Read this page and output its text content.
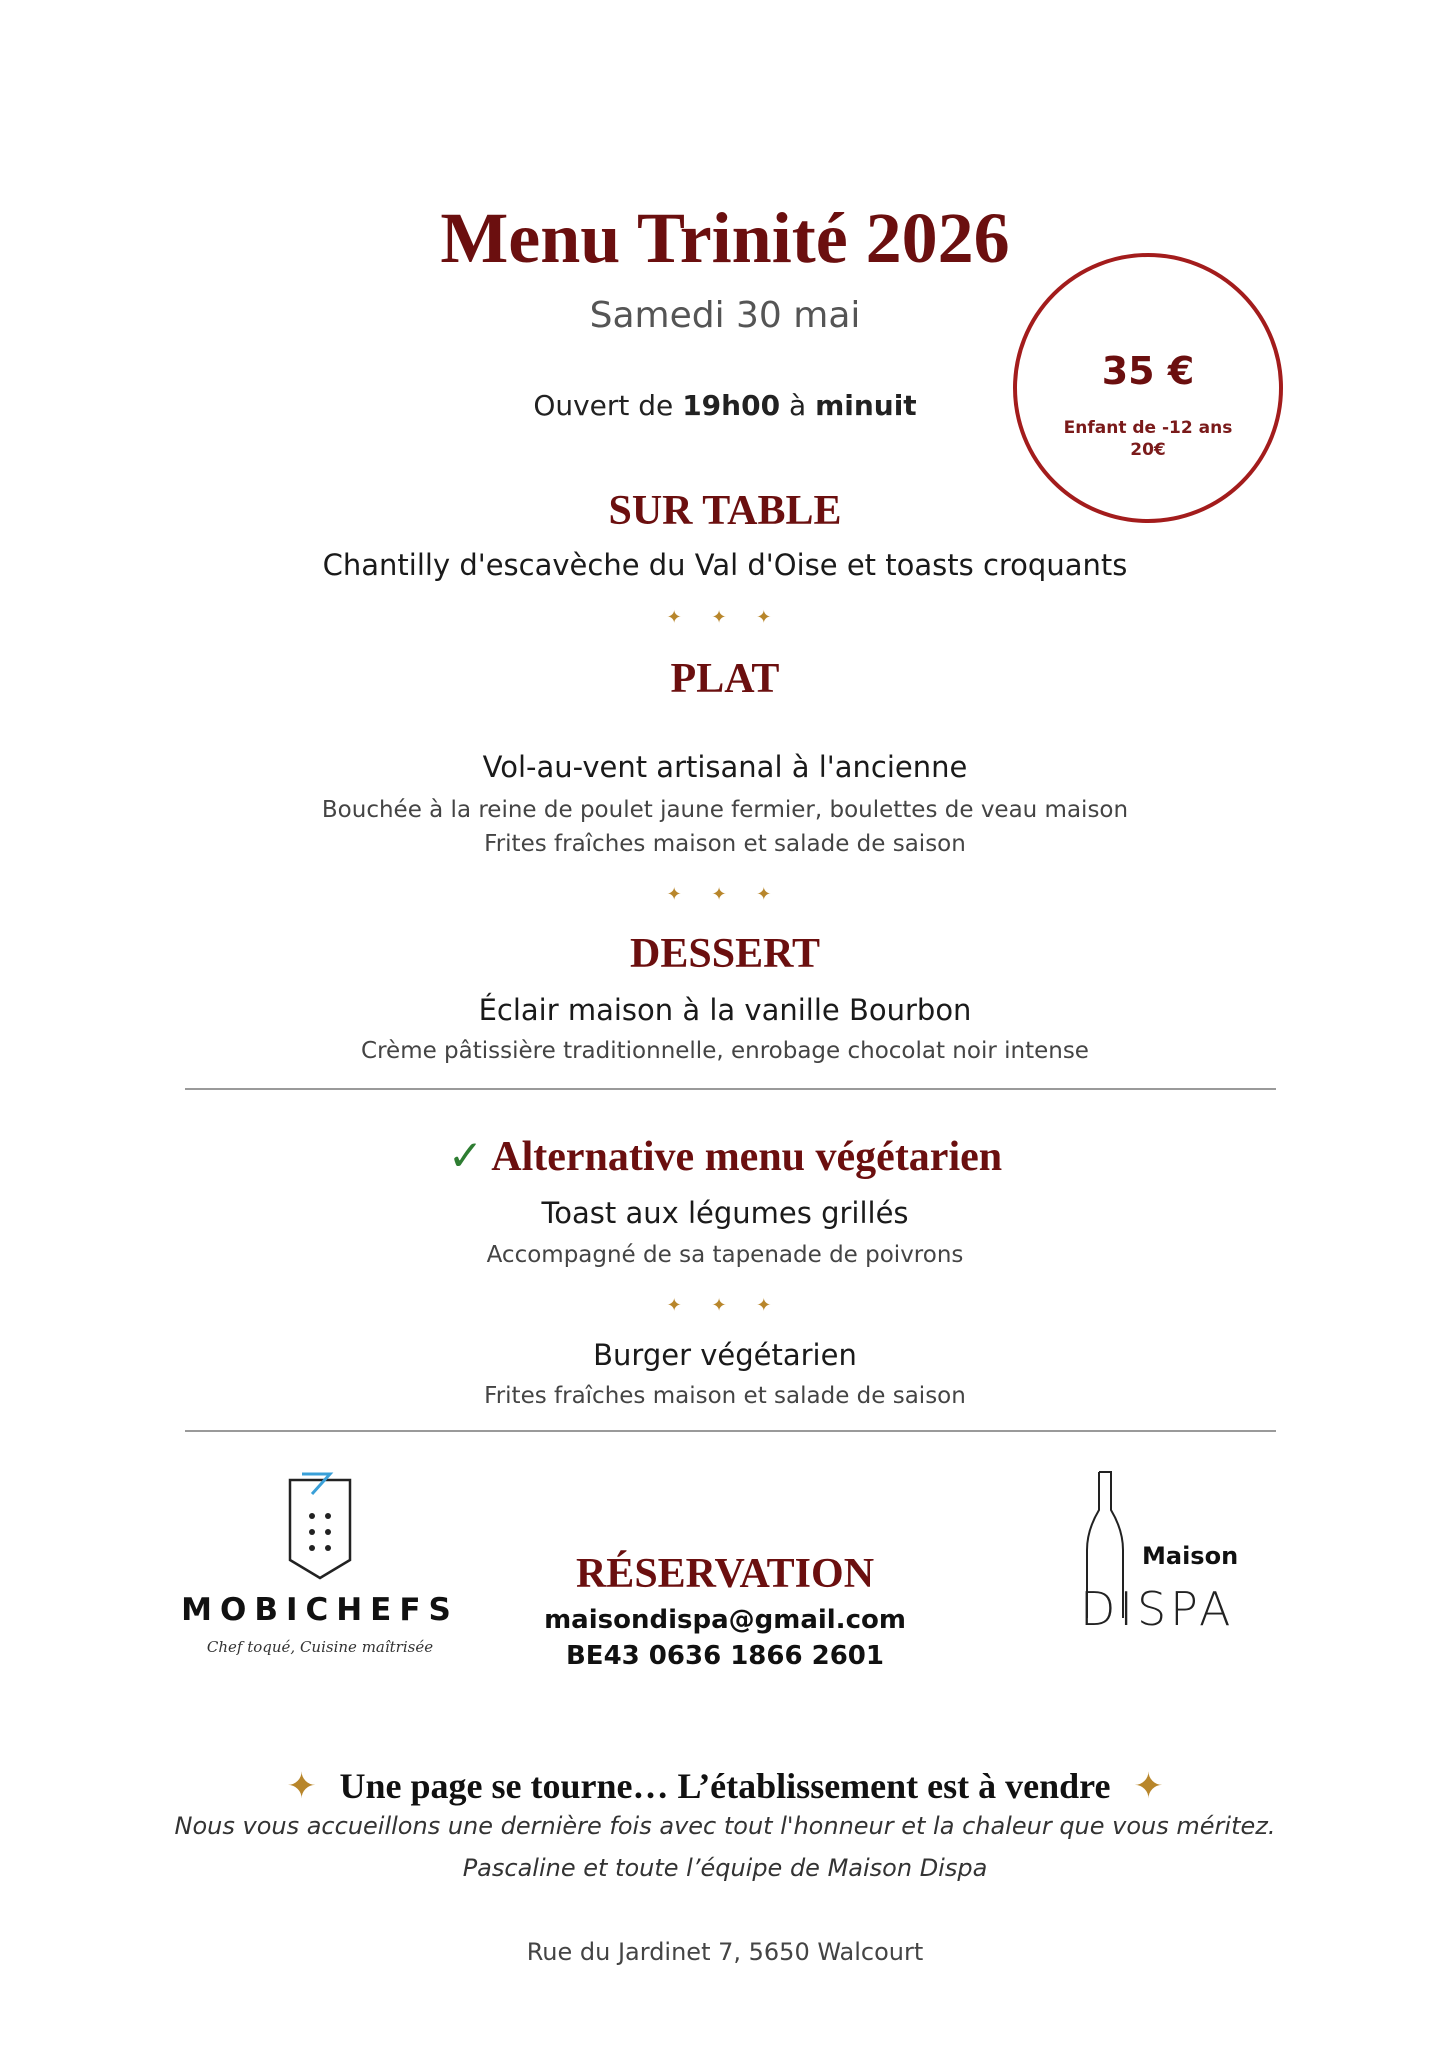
Menu Trinité 2026
Samedi 30 mai
Ouvert de 19h00 à minuit
35 €
Enfant de -12 ans
20€
SUR TABLE
Chantilly d'escavèche du Val d'Oise et toasts croquants
✦ ✦ ✦
PLAT
Vol-au-vent artisanal à l'ancienne
Bouchée à la reine de poulet jaune fermier, boulettes de veau maison
Frites fraîches maison et salade de saison
✦ ✦ ✦
DESSERT
Éclair maison à la vanille Bourbon
Crème pâtissière traditionnelle, enrobage chocolat noir intense
✓ Alternative menu végétarien
Toast aux légumes grillés
Accompagné de sa tapenade de poivrons
✦ ✦ ✦
Burger végétarien
Frites fraîches maison et salade de saison
MOBICHEFS
Chef toqué, Cuisine maîtrisée
RÉSERVATION
maisondispa@gmail.com
BE43 0636 1866 2601
Maison
DISPA
✦ Une page se tourne… L’établissement est à vendre ✦
Nous vous accueillons une dernière fois avec tout l'honneur et la chaleur que vous méritez.
Pascaline et toute l’équipe de Maison Dispa
Rue du Jardinet 7, 5650 Walcourt
